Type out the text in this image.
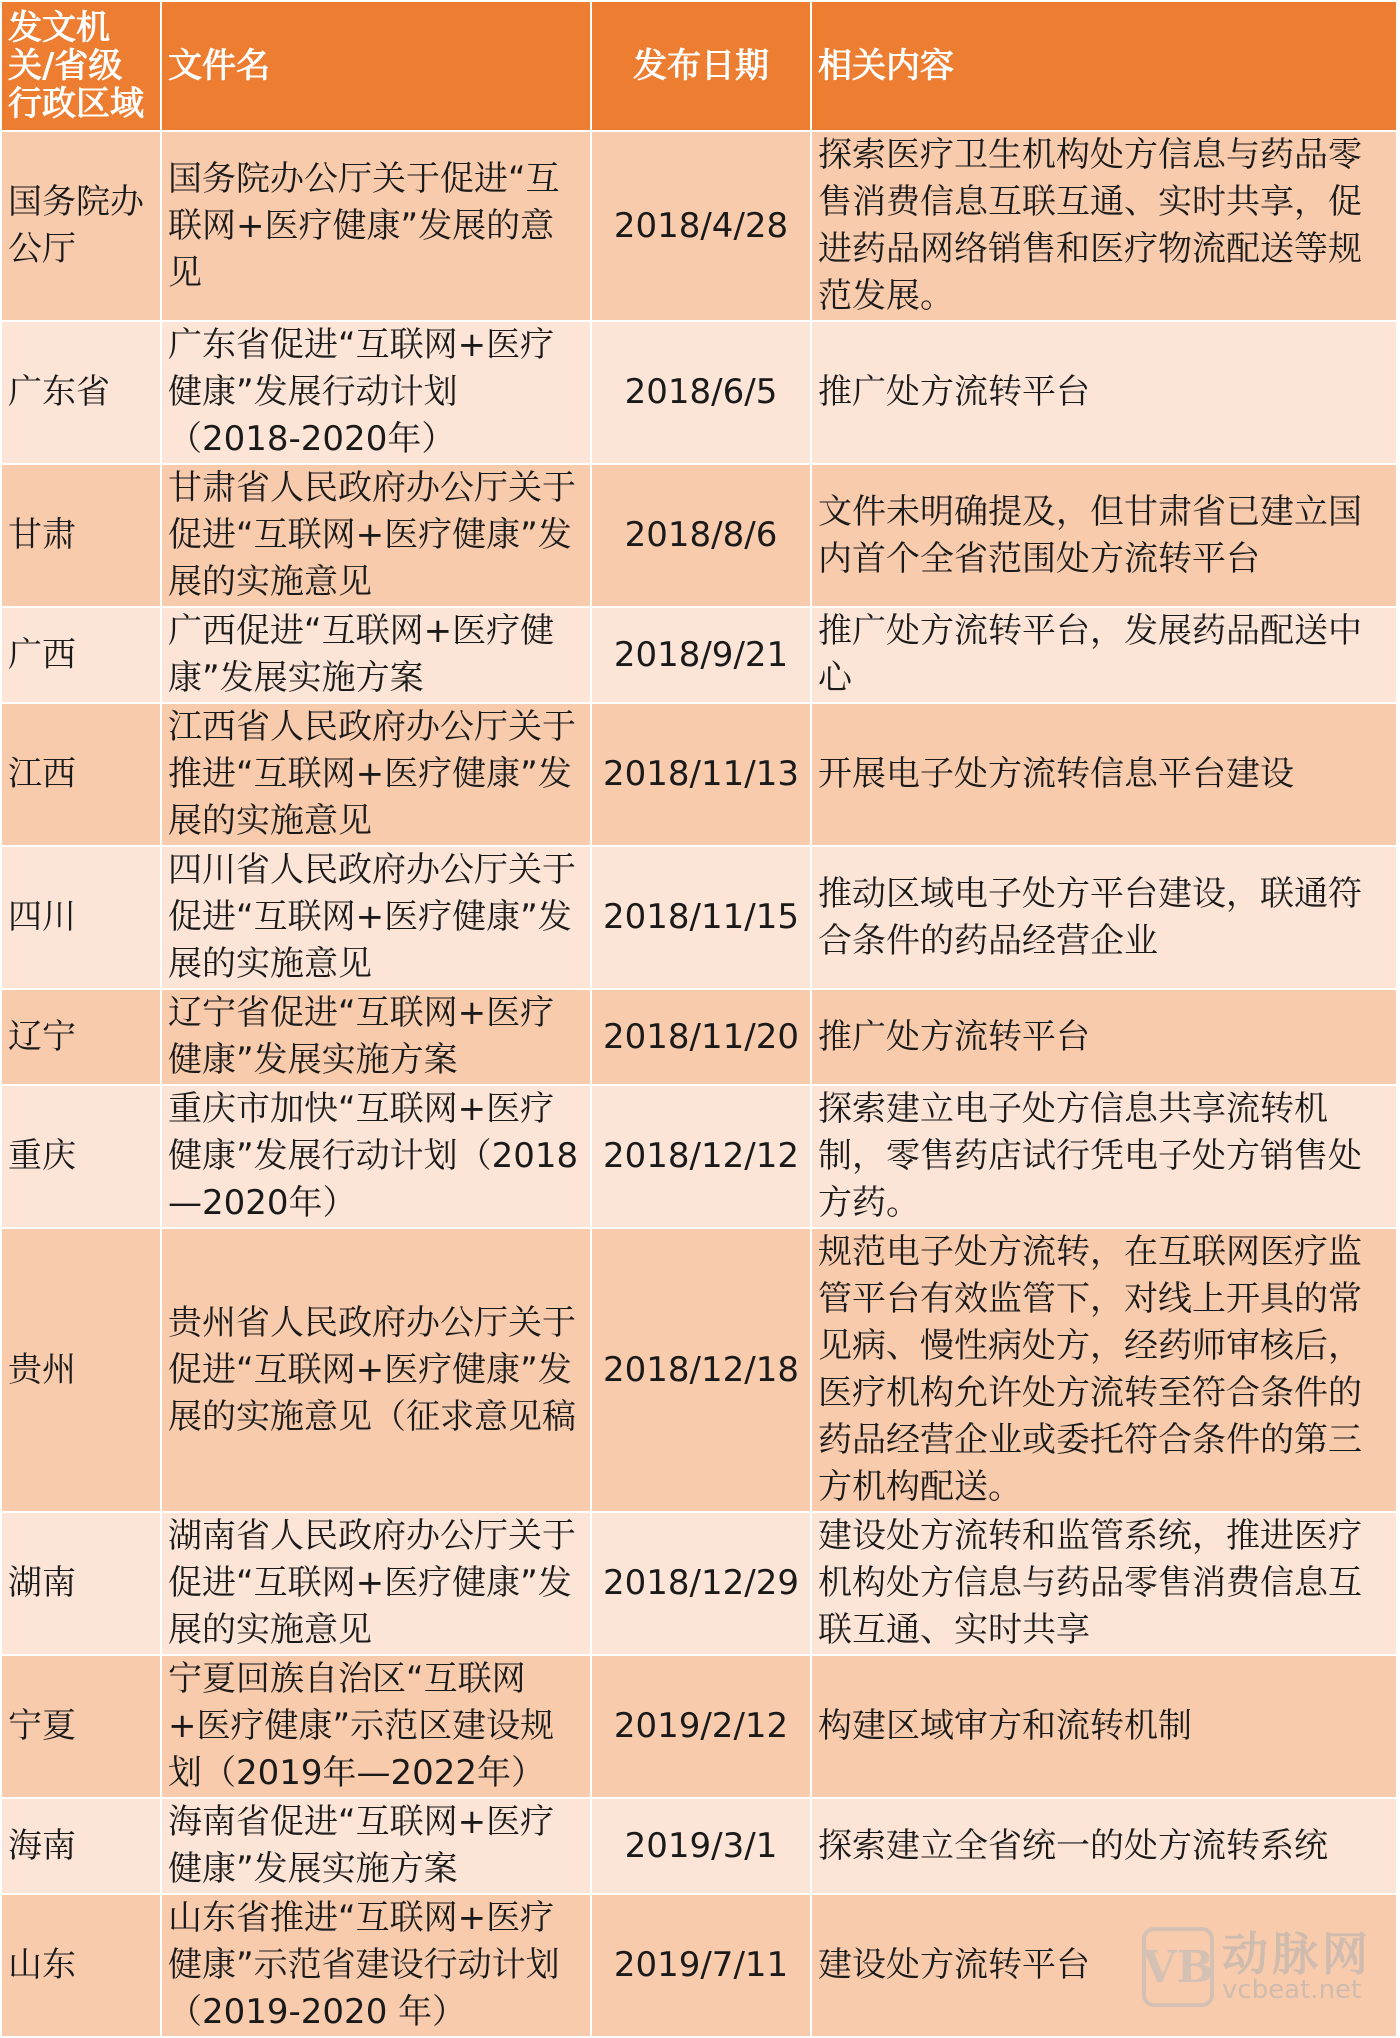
发文机关/省级行政区域	文件名	发布日期	相关内容
国务院办公厅	国务院办公厅关于促进“互联网+医疗健康”发展的意见	2018/4/28	探索医疗卫生机构处方信息与药品零售消费信息互联互通、实时共享，促进药品网络销售和医疗物流配送等规范发展。
广东省	广东省促进“互联网+医疗健康”发展行动计划（2018-2020年）	2018/6/5	推广处方流转平台
甘肃	甘肃省人民政府办公厅关于促进“互联网+医疗健康”发展的实施意见	2018/8/6	文件未明确提及，但甘肃省已建立国内首个全省范围处方流转平台
广西	广西促进“互联网+医疗健康”发展实施方案	2018/9/21	推广处方流转平台，发展药品配送中心
江西	江西省人民政府办公厅关于推进“互联网+医疗健康”发展的实施意见	2018/11/13	开展电子处方流转信息平台建设
四川	四川省人民政府办公厅关于促进“互联网+医疗健康”发展的实施意见	2018/11/15	推动区域电子处方平台建设，联通符合条件的药品经营企业
辽宁	辽宁省促进“互联网+医疗健康”发展实施方案	2018/11/20	推广处方流转平台
重庆	重庆市加快“互联网+医疗健康”发展行动计划（2018—2020年）	2018/12/12	探索建立电子处方信息共享流转机制，零售药店试行凭电子处方销售处方药。
贵州	贵州省人民政府办公厅关于促进“互联网+医疗健康”发展的实施意见（征求意见稿	2018/12/18	规范电子处方流转，在互联网医疗监管平台有效监管下，对线上开具的常见病、慢性病处方，经药师审核后，医疗机构允许处方流转至符合条件的药品经营企业或委托符合条件的第三方机构配送。
湖南	湖南省人民政府办公厅关于促进“互联网+医疗健康”发展的实施意见	2018/12/29	建设处方流转和监管系统，推进医疗机构处方信息与药品零售消费信息互联互通、实时共享
宁夏	宁夏回族自治区“互联网+医疗健康”示范区建设规划（2019年—2022年）	2019/2/12	构建区域审方和流转机制
海南	海南省促进“互联网+医疗健康”发展实施方案	2019/3/1	探索建立全省统一的处方流转系统
山东	山东省推进“互联网+医疗健康”示范省建设行动计划（2019-2020 年）	2019/7/11	建设处方流转平台 VB 动脉网
vcbeat.net
